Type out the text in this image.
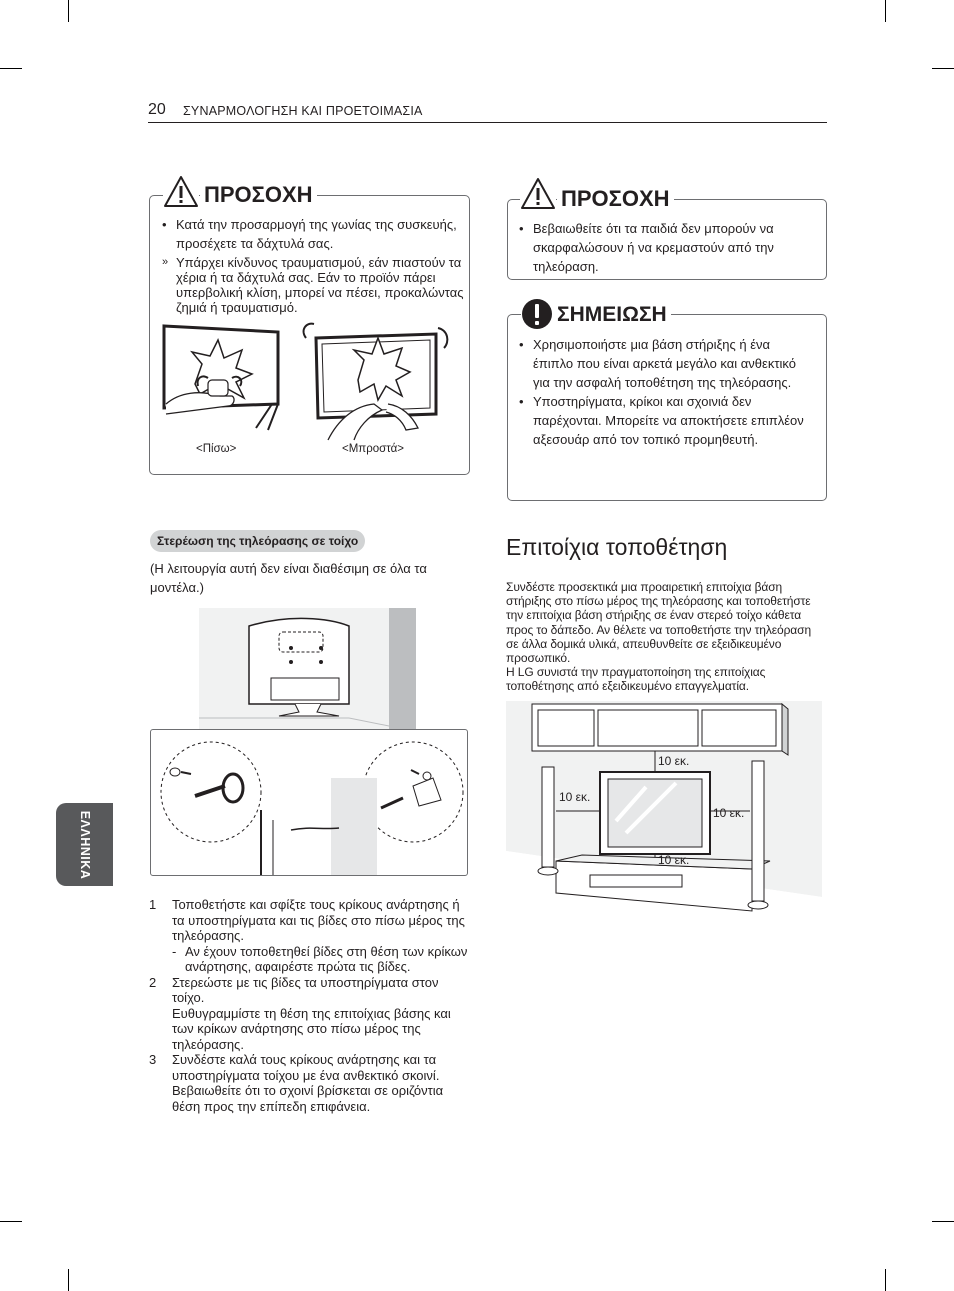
20 ΣΥΝΑΡΜΟΛΟΓΗΣΗ ΚΑΙ ΠΡΟΕΤΟΙΜΑΣΙΑ
ΕΛΛΗΝΙΚΑ
ΠΡΟΣΟΧΗ
• Κατά την προσαρμογή της γωνίας της συσκευής, προσέχετε τα δάχτυλά σας.
» Υπάρχει κίνδυνος τραυματισμού, εάν πιαστούν τα χέρια ή τα δάχτυλά σας. Εάν το προϊόν πάρει υπερβολική κλίση, μπορεί να πέσει, προκαλώντας ζημιά ή τραυματισμό.
<Πίσω>	<Μπροστά>
ΠΡΟΣΟΧΗ
• Βεβαιωθείτε ότι τα παιδιά δεν μπορούν να σκαρφαλώσουν ή να κρεμαστούν από την τηλεόραση.
ΣΗΜΕΙΩΣΗ
• Χρησιμοποιήστε μια βάση στήριξης ή ένα έπιπλο που είναι αρκετά μεγάλο και ανθεκτικό για την ασφαλή τοποθέτηση της τηλεόρασης.
• Υποστηρίγματα, κρίκοι και σχοινιά δεν παρέχονται. Μπορείτε να αποκτήσετε επιπλέον αξεσουάρ από τον τοπικό προμηθευτή.
Στερέωση της τηλεόρασης σε τοίχο
(Η λειτουργία αυτή δεν είναι διαθέσιμη σε όλα τα μοντέλα.)
1 Τοποθετήστε και σφίξτε τους κρίκους ανάρτησης ή τα υποστηρίγματα και τις βίδες στο πίσω μέρος της τηλεόρασης.
- Αν έχουν τοποθετηθεί βίδες στη θέση των κρίκων ανάρτησης, αφαιρέστε πρώτα τις βίδες.
2 Στερεώστε με τις βίδες τα υποστηρίγματα στον τοίχο.
Ευθυγραμμίστε τη θέση της επιτοίχιας βάσης και των κρίκων ανάρτησης στο πίσω μέρος της τηλεόρασης.
3 Συνδέστε καλά τους κρίκους ανάρτησης και τα υποστηρίγματα τοίχου με ένα ανθεκτικό σκοινί. Βεβαιωθείτε ότι το σχοινί βρίσκεται σε οριζόντια θέση προς την επίπεδη επιφάνεια.
Επιτοίχια τοποθέτηση
Συνδέστε προσεκτικά μια προαιρετική επιτοίχια βάση στήριξης στο πίσω μέρος της τηλεόρασης και τοποθετήστε την επιτοίχια βάση στήριξης σε έναν στερεό τοίχο κάθετα προς το δάπεδο. Αν θέλετε να τοποθετήστε την τηλεόραση σε άλλα δομικά υλικά, απευθυνθείτε σε εξειδικευμένο προσωπικό.
Η LG συνιστά την πραγματοποίηση της επιτοίχιας τοποθέτησης από εξειδικευμένο επαγγελματία.
10 εκ.
10 εκ.
10 εκ.
10 εκ.
